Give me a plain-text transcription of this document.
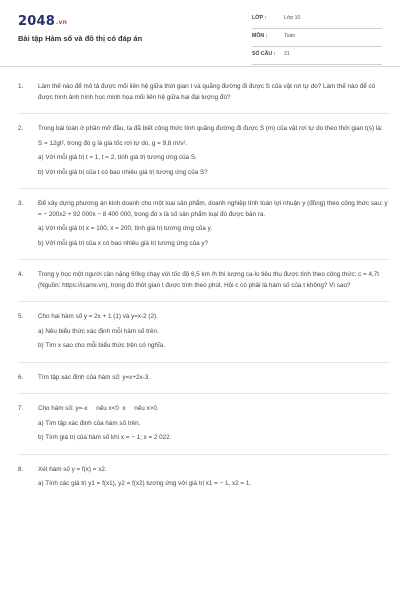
2048.vn
Bài tập Hàm số và đồ thị có đáp án
LỚP :	Lớp 10
MÔN :	Toán
SỐ CÂU : 21
1. Làm thế nào để mô tả được mối liên hệ giữa thời gian t và quãng đường đi được S của vật rơi tự do? Làm thế nào để có được hình ảnh hình học minh họa mối liên hệ giữa hai đại lượng đó?

2. Trong bài toán ở phần mở đầu, ta đã biết công thức tính quãng đường đi được S (m) của vật rơi tự do theo thời gian t(s) là:

S = 12gt², trong đó g là gia tốc rơi tự do, g = 9,8 m/s².

a) Với mỗi giá trị t = 1, t = 2, tính giá trị tương ứng của S.

b) Với mỗi giá trị của t có bao nhiêu giá trị tương ứng của S?

3. Để xây dựng phương án kinh doanh cho một loại sản phẩm, doanh nghiệp tính toán lợi nhuận y (đồng) theo công thức sau: y = − 200x2 + 92 000x − 8 400 000, trong đó x là số sản phẩm loại đó được bán ra.

a) Với mỗi giá trị x = 100, x = 200, tính giá trị tương ứng của y.

b) Với mỗi giá trị của x có bao nhiêu giá trị tương ứng của y?

4. Trong y học một người cân nặng 60kg chạy với tốc độ 6,5 km /h thì lượng ca-lo tiêu thụ được tính theo công thức: c = 4,7t (Nguồn: https://icarre.vn), trong đó thời gian t được tính theo phút. Hỏi c có phải là hàm số của t không? Vì sao?

5. Cho hai hàm số y = 2x + 1 (1) và y=x-2 (2).

a) Nêu biểu thức xác định mỗi hàm số trên.

b) Tìm x sao cho mỗi biểu thức trên có nghĩa.

6. Tìm tập xác định của hàm số: y=x+2x-3.

7. Cho hàm số: y=-x     nếu x<0  x     nếu x>0.

a) Tìm tập xác định của hàm số trên.

b) Tính giá trị của hàm số khi x = − 1; x = 2 022.

8. Xét hàm số y = f(x) = x2.

a) Tính các giá trị y1 = f(x1), y2 = f(x2) tương ứng với giá trị x1 = − 1, x2 = 1.
